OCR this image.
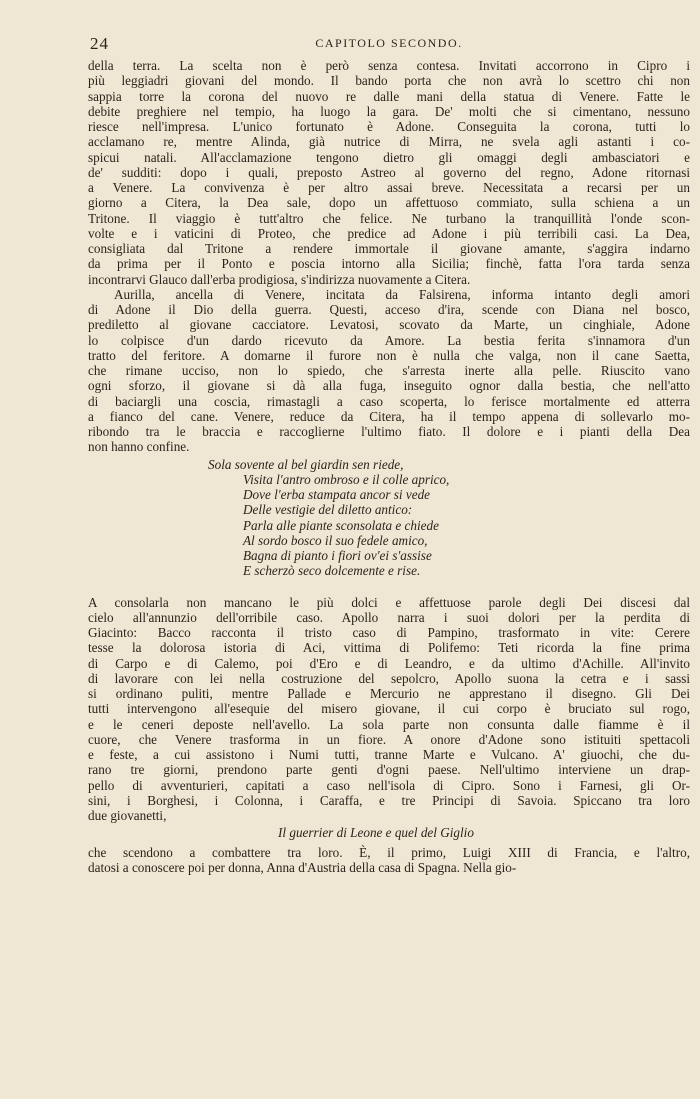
24	CAPITOLO SECONDO.
della terra. La scelta non è però senza contesa. Invitati accorrono in Cipro i
più leggiadri giovani del mondo. Il bando porta che non avrà lo scettro chi non
sappia torre la corona del nuovo re dalle mani della statua di Venere. Fatte le
debite preghiere nel tempio, ha luogo la gara. De' molti che si cimentano, nessuno
riesce nell'impresa. L'unico fortunato è Adone. Conseguita la corona, tutti lo
acclamano re, mentre Alinda, già nutrice di Mirra, ne svela agli astanti i co-
spicui natali. All'acclamazione tengono dietro gli omaggi degli ambasciatori e
de' sudditi: dopo i quali, preposto Astreo al governo del regno, Adone ritornasi
a Venere. La convivenza è per altro assai breve. Necessitata a recarsi per un
giorno a Citera, la Dea sale, dopo un affettuoso commiato, sulla schiena a un
Tritone. Il viaggio è tutt'altro che felice. Ne turbano la tranquillità l'onde scon-
volte e i vaticini di Proteo, che predice ad Adone i più terribili casi. La Dea,
consigliata dal Tritone a rendere immortale il giovane amante, s'aggira indarno
da prima per il Ponto e poscia intorno alla Sicilia; finchè, fatta l'ora tarda senza
incontrarvi Glauco dall'erba prodigiosa, s'indirizza nuovamente a Citera.
Aurilla, ancella di Venere, incitata da Falsirena, informa intanto degli amori
di Adone il Dio della guerra. Questi, acceso d'ira, scende con Diana nel bosco,
prediletto al giovane cacciatore. Levatosi, scovato da Marte, un cinghiale, Adone
lo colpisce d'un dardo ricevuto da Amore. La bestia ferita s'innamora d'un
tratto del feritore. A domarne il furore non è nulla che valga, non il cane Saetta,
che rimane ucciso, non lo spiedo, che s'arresta inerte alla pelle. Riuscito vano
ogni sforzo, il giovane si dà alla fuga, inseguito ognor dalla bestia, che nell'atto
di baciargli una coscia, rimastagli a caso scoperta, lo ferisce mortalmente ed atterra
a fianco del cane. Venere, reduce da Citera, ha il tempo appena di sollevarlo mo-
ribondo tra le braccia e raccoglierne l'ultimo fiato. Il dolore e i pianti della Dea
non hanno confine.
Sola sovente al bel giardin sen riede,
Visita l'antro ombroso e il colle aprico,
Dove l'erba stampata ancor si vede
Delle vestigie del diletto antico:
Parla alle piante sconsolata e chiede
Al sordo bosco il suo fedele amico,
Bagna di pianto i fiori ov'ei s'assise
E scherzò seco dolcemente e rise.
A consolarla non mancano le più dolci e affettuose parole degli Dei discesi dal
cielo all'annunzio dell'orribile caso. Apollo narra i suoi dolori per la perdita di
Giacinto: Bacco racconta il tristo caso di Pampino, trasformato in vite: Cerere
tesse la dolorosa istoria di Aci, vittima di Polifemo: Teti ricorda la fine prima
di Carpo e di Calemo, poi d'Ero e di Leandro, e da ultimo d'Achille. All'invito
di lavorare con lei nella costruzione del sepolcro, Apollo suona la cetra e i sassi
si ordinano puliti, mentre Pallade e Mercurio ne apprestano il disegno. Gli Dei
tutti intervengono all'esequie del misero giovane, il cui corpo è bruciato sul rogo,
e le ceneri deposte nell'avello. La sola parte non consunta dalle fiamme è il
cuore, che Venere trasforma in un fiore. A onore d'Adone sono istituiti spettacoli
e feste, a cui assistono i Numi tutti, tranne Marte e Vulcano. A' giuochi, che du-
rano tre giorni, prendono parte genti d'ogni paese. Nell'ultimo interviene un drap-
pello di avventurieri, capitati a caso nell'isola di Cipro. Sono i Farnesi, gli Or-
sini, i Borghesi, i Colonna, i Caraffa, e tre Principi di Savoia. Spiccano tra loro
due giovanetti,
Il guerrier di Leone e quel del Giglio
che scendono a combattere tra loro. È, il primo, Luigi XIII di Francia, e l'altro,
datosi a conoscere poi per donna, Anna d'Austria della casa di Spagna. Nella gio-
